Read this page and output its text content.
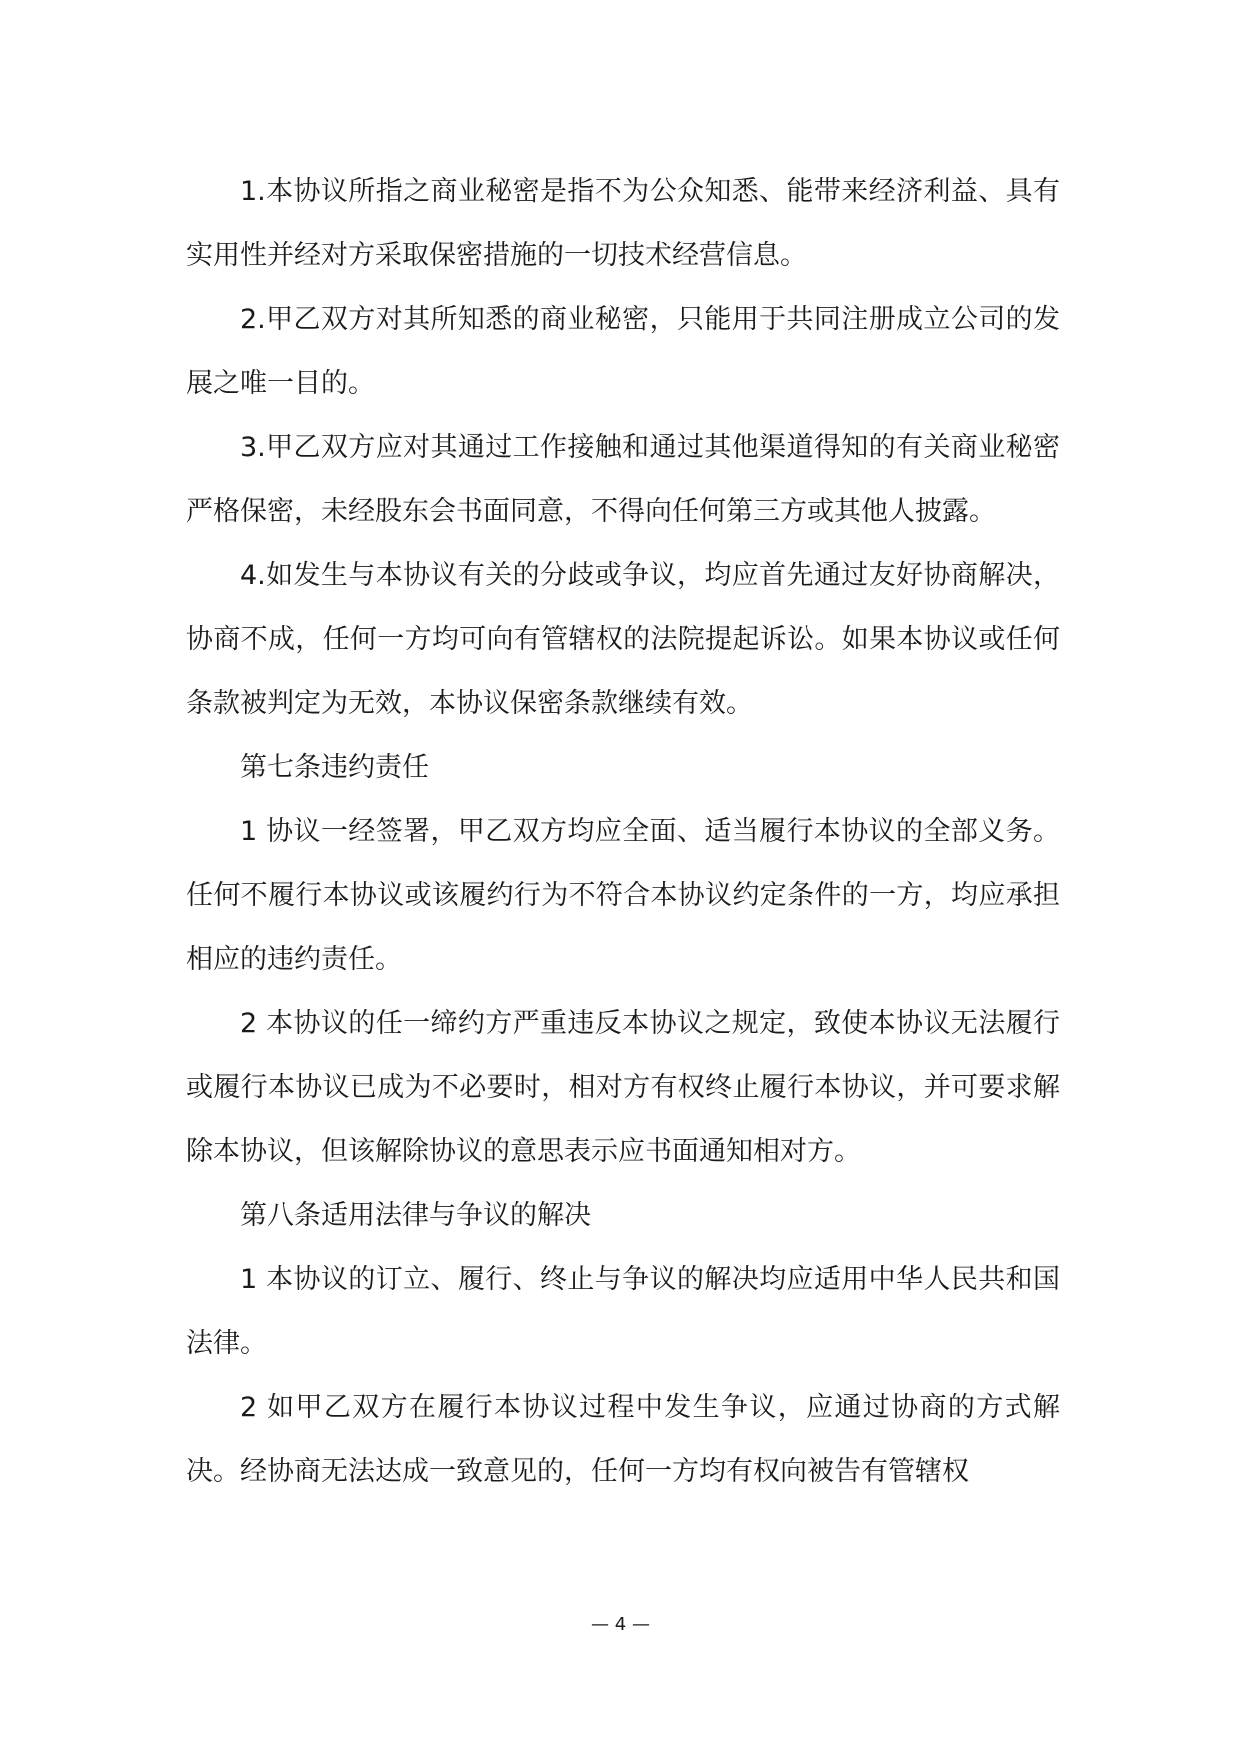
1.本协议所指之商业秘密是指不为公众知悉、能带来经济利益、具有实用性并经对方采取保密措施的一切技术经营信息。

2.甲乙双方对其所知悉的商业秘密，只能用于共同注册成立公司的发展之唯一目的。

3.甲乙双方应对其通过工作接触和通过其他渠道得知的有关商业秘密严格保密，未经股东会书面同意，不得向任何第三方或其他人披露。

4.如发生与本协议有关的分歧或争议，均应首先通过友好协商解决，协商不成，任何一方均可向有管辖权的法院提起诉讼。如果本协议或任何条款被判定为无效，本协议保密条款继续有效。

第七条违约责任

1 协议一经签署，甲乙双方均应全面、适当履行本协议的全部义务。任何不履行本协议或该履约行为不符合本协议约定条件的一方，均应承担相应的违约责任。

2 本协议的任一缔约方严重违反本协议之规定，致使本协议无法履行或履行本协议已成为不必要时，相对方有权终止履行本协议，并可要求解除本协议，但该解除协议的意思表示应书面通知相对方。

第八条适用法律与争议的解决

1 本协议的订立、履行、终止与争议的解决均应适用中华人民共和国法律。

2 如甲乙双方在履行本协议过程中发生争议，应通过协商的方式解决。经协商无法达成一致意见的，任何一方均有权向被告有管辖权

— 4 —
